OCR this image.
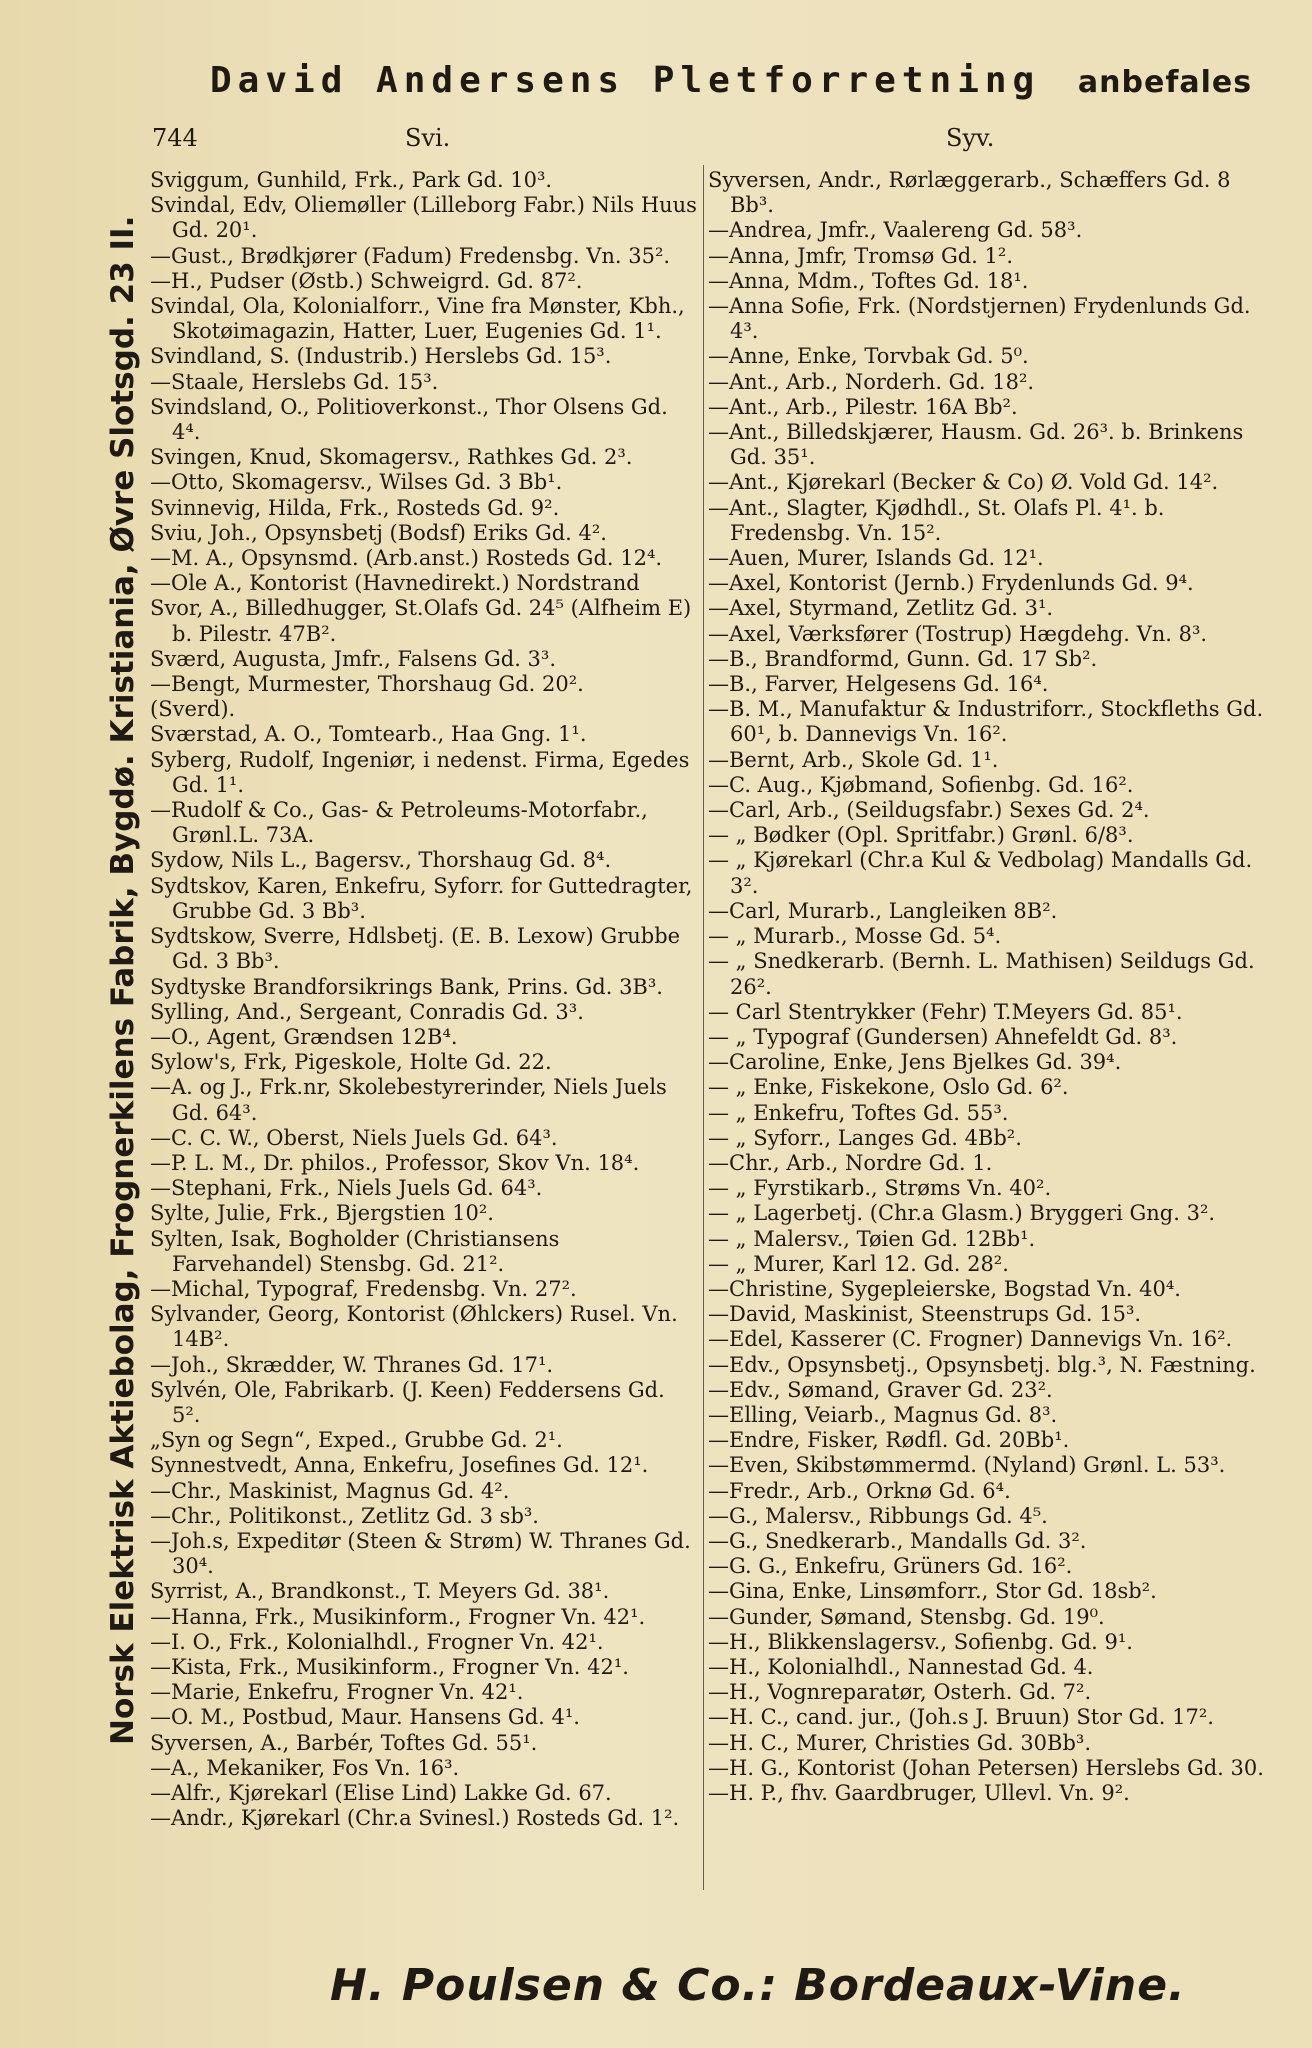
David Andersens Pletforretning anbefales
744	Svi.	Syv.
Norsk Elektrisk Aktiebolag, Frognerkilens Fabrik, Bygdø. Kristiania, Øvre Slotsgd. 23 II.
Sviggum, Gunhild, Frk., Park Gd. 10³.
Svindal, Edv, Oliemøller (Lilleborg Fabr.) Nils Huus Gd. 20¹.
—Gust., Brødkjører (Fadum) Fredensbg. Vn. 35².
—H., Pudser (Østb.) Schweigrd. Gd. 87².
Svindal, Ola, Kolonialforr., Vine fra Mønster, Kbh., Skotøimagazin, Hatter, Luer, Eugenies Gd. 1¹.
Svindland, S. (Industrib.) Herslebs Gd. 15³.
—Staale, Herslebs Gd. 15³.
Svindsland, O., Politioverkonst., Thor Olsens Gd. 4⁴.
Svingen, Knud, Skomagersv., Rathkes Gd. 2³.
—Otto, Skomagersv., Wilses Gd. 3 Bb¹.
Svinnevig, Hilda, Frk., Rosteds Gd. 9².
Sviu, Joh., Opsynsbetj (Bodsf) Eriks Gd. 4².
—M. A., Opsynsmd. (Arb.anst.) Rosteds Gd. 12⁴.
—Ole A., Kontorist (Havnedirekt.) Nordstrand
Svor, A., Billedhugger, St.Olafs Gd. 24⁵ (Alfheim E) b. Pilestr. 47B².
Sværd, Augusta, Jmfr., Falsens Gd. 3³.
—Bengt, Murmester, Thorshaug Gd. 20².
(Sverd).
Sværstad, A. O., Tomtearb., Haa Gng. 1¹.
Syberg, Rudolf, Ingeniør, i nedenst. Firma, Egedes Gd. 1¹.
—Rudolf & Co., Gas- & Petroleums-Motorfabr., Grønl.L. 73A.
Sydow, Nils L., Bagersv., Thorshaug Gd. 8⁴.
Sydtskov, Karen, Enkefru, Syforr. for Guttedragter, Grubbe Gd. 3 Bb³.
Sydtskow, Sverre, Hdlsbetj. (E. B. Lexow) Grubbe Gd. 3 Bb³.
Sydtyske Brandforsikrings Bank, Prins. Gd. 3B³.
Sylling, And., Sergeant, Conradis Gd. 3³.
—O., Agent, Grændsen 12B⁴.
Sylow's, Frk, Pigeskole, Holte Gd. 22.
—A. og J., Frk.nr, Skolebestyrerinder, Niels Juels Gd. 64³.
—C. C. W., Oberst, Niels Juels Gd. 64³.
—P. L. M., Dr. philos., Professor, Skov Vn. 18⁴.
—Stephani, Frk., Niels Juels Gd. 64³.
Sylte, Julie, Frk., Bjergstien 10².
Sylten, Isak, Bogholder (Christiansens Farvehandel) Stensbg. Gd. 21².
—Michal, Typograf, Fredensbg. Vn. 27².
Sylvander, Georg, Kontorist (Øhlckers) Rusel. Vn. 14B².
—Joh., Skrædder, W. Thranes Gd. 17¹.
Sylvén, Ole, Fabrikarb. (J. Keen) Feddersens Gd. 5².
„Syn og Segn“, Exped., Grubbe Gd. 2¹.
Synnestvedt, Anna, Enkefru, Josefines Gd. 12¹.
—Chr., Maskinist, Magnus Gd. 4².
—Chr., Politikonst., Zetlitz Gd. 3 sb³.
—Joh.s, Expeditør (Steen & Strøm) W. Thranes Gd. 30⁴.
Syrrist, A., Brandkonst., T. Meyers Gd. 38¹.
—Hanna, Frk., Musikinform., Frogner Vn. 42¹.
—I. O., Frk., Kolonialhdl., Frogner Vn. 42¹.
—Kista, Frk., Musikinform., Frogner Vn. 42¹.
—Marie, Enkefru, Frogner Vn. 42¹.
—O. M., Postbud, Maur. Hansens Gd. 4¹.
Syversen, A., Barbér, Toftes Gd. 55¹.
—A., Mekaniker, Fos Vn. 16³.
—Alfr., Kjørekarl (Elise Lind) Lakke Gd. 67.
—Andr., Kjørekarl (Chr.a Svinesl.) Rosteds Gd. 1².
Syversen, Andr., Rørlæggerarb., Schæffers Gd. 8 Bb³.
—Andrea, Jmfr., Vaalereng Gd. 58³.
—Anna, Jmfr, Tromsø Gd. 1².
—Anna, Mdm., Toftes Gd. 18¹.
—Anna Sofie, Frk. (Nordstjernen) Frydenlunds Gd. 4³.
—Anne, Enke, Torvbak Gd. 5⁰.
—Ant., Arb., Norderh. Gd. 18².
—Ant., Arb., Pilestr. 16A Bb².
—Ant., Billedskjærer, Hausm. Gd. 26³. b. Brinkens Gd. 35¹.
—Ant., Kjørekarl (Becker & Co) Ø. Vold Gd. 14².
—Ant., Slagter, Kjødhdl., St. Olafs Pl. 4¹. b. Fredensbg. Vn. 15².
—Auen, Murer, Islands Gd. 12¹.
—Axel, Kontorist (Jernb.) Frydenlunds Gd. 9⁴.
—Axel, Styrmand, Zetlitz Gd. 3¹.
—Axel, Værksfører (Tostrup) Hægdehg. Vn. 8³.
—B., Brandformd, Gunn. Gd. 17 Sb².
—B., Farver, Helgesens Gd. 16⁴.
—B. M., Manufaktur & Industriforr., Stockfleths Gd. 60¹, b. Dannevigs Vn. 16².
—Bernt, Arb., Skole Gd. 1¹.
—C. Aug., Kjøbmand, Sofienbg. Gd. 16².
—Carl, Arb., (Seildugsfabr.) Sexes Gd. 2⁴.
— „ Bødker (Opl. Spritfabr.) Grønl. 6/8³.
— „ Kjørekarl (Chr.a Kul & Vedbolag) Mandalls Gd. 3².
—Carl, Murarb., Langleiken 8B².
— „ Murarb., Mosse Gd. 5⁴.
— „ Snedkerarb. (Bernh. L. Mathisen) Seildugs Gd. 26².
— Carl Stentrykker (Fehr) T.Meyers Gd. 85¹.
— „ Typograf (Gundersen) Ahnefeldt Gd. 8³.
—Caroline, Enke, Jens Bjelkes Gd. 39⁴.
— „ Enke, Fiskekone, Oslo Gd. 6².
— „ Enkefru, Toftes Gd. 55³.
— „ Syforr., Langes Gd. 4Bb².
—Chr., Arb., Nordre Gd. 1.
— „ Fyrstikarb., Strøms Vn. 40².
— „ Lagerbetj. (Chr.a Glasm.) Bryggeri Gng. 3².
— „ Malersv., Tøien Gd. 12Bb¹.
— „ Murer, Karl 12. Gd. 28².
—Christine, Sygepleierske, Bogstad Vn. 40⁴.
—David, Maskinist, Steenstrups Gd. 15³.
—Edel, Kasserer (C. Frogner) Dannevigs Vn. 16².
—Edv., Opsynsbetj., Opsynsbetj. blg.³, N. Fæstning.
—Edv., Sømand, Graver Gd. 23².
—Elling, Veiarb., Magnus Gd. 8³.
—Endre, Fisker, Rødfl. Gd. 20Bb¹.
—Even, Skibstømmermd. (Nyland) Grønl. L. 53³.
—Fredr., Arb., Orknø Gd. 6⁴.
—G., Malersv., Ribbungs Gd. 4⁵.
—G., Snedkerarb., Mandalls Gd. 3².
—G. G., Enkefru, Grüners Gd. 16².
—Gina, Enke, Linsømforr., Stor Gd. 18sb².
—Gunder, Sømand, Stensbg. Gd. 19⁰.
—H., Blikkenslagersv., Sofienbg. Gd. 9¹.
—H., Kolonialhdl., Nannestad Gd. 4.
—H., Vognreparatør, Osterh. Gd. 7².
—H. C., cand. jur., (Joh.s J. Bruun) Stor Gd. 17².
—H. C., Murer, Christies Gd. 30Bb³.
—H. G., Kontorist (Johan Petersen) Herslebs Gd. 30.
—H. P., fhv. Gaardbruger, Ullevl. Vn. 9².
H. Poulsen & Co.: Bordeaux-Vine.
